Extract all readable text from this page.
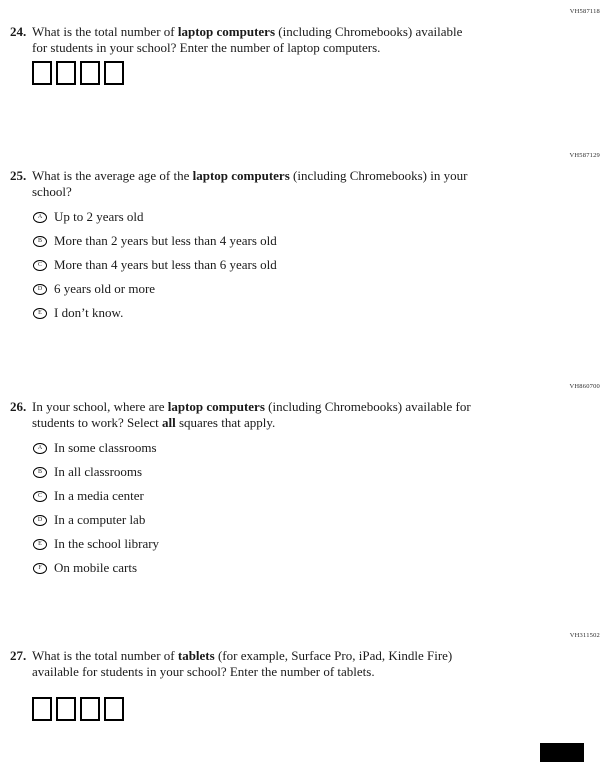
VH587118
24. What is the total number of laptop computers (including Chromebooks) available
for students in your school? Enter the number of laptop computers.
VH587129
25. What is the average age of the laptop computers (including Chromebooks) in your
school?
A Up to 2 years old
B More than 2 years but less than 4 years old
C More than 4 years but less than 6 years old
D 6 years old or more
E I don’t know.
VH860700
26. In your school, where are laptop computers (including Chromebooks) available for
students to work? Select all squares that apply.
A In some classrooms
B In all classrooms
C In a media center
D In a computer lab
E In the school library
F On mobile carts
VH311502
27. What is the total number of tablets (for example, Surface Pro, iPad, Kindle Fire)
available for students in your school? Enter the number of tablets.
